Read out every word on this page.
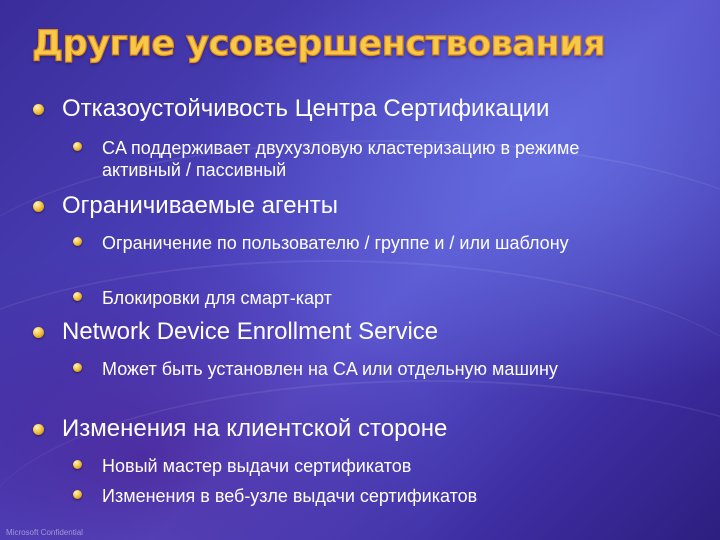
Другие усовершенствования
Отказоустойчивость Центра Сертификации
CA поддерживает двухузловую кластеризацию в режиме активный / пассивный
Ограничиваемые агенты
Ограничение по пользователю / группе и / или шаблону
Блокировки для смарт-карт
Network Device Enrollment Service
Может быть установлен на CA или отдельную машину
Изменения на клиентской стороне
Новый мастер выдачи сертификатов
Изменения в веб-узле выдачи сертификатов
Microsoft Confidential
